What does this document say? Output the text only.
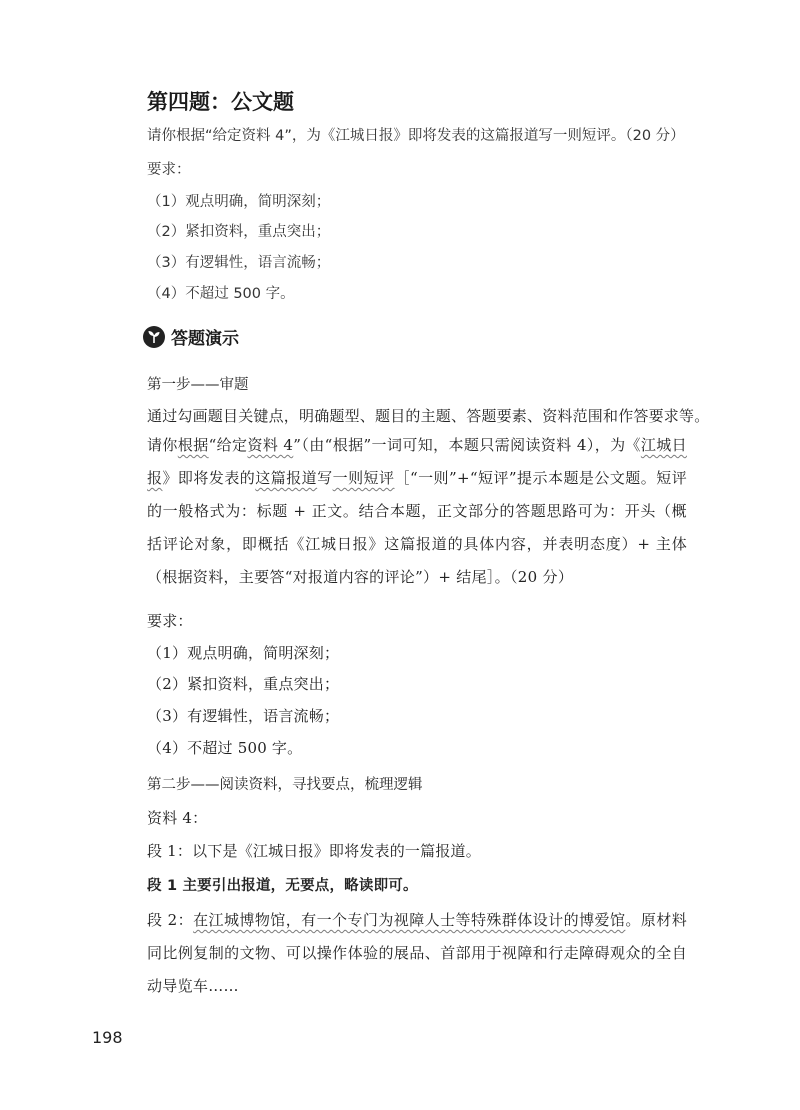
第四题：公文题
请你根据“给定资料 4”，为《江城日报》即将发表的这篇报道写一则短评。（20 分）
要求：
（1）观点明确，简明深刻；
（2）紧扣资料，重点突出；
（3）有逻辑性，语言流畅；
（4）不超过 500 字。
答题演示
第一步——审题
通过勾画题目关键点，明确题型、题目的主题、答题要素、资料范围和作答要求等。
请你根据“给定资料 4”（由“根据”一词可知，本题只需阅读资料 4），为《江城日报》即将发表的这篇报道写一则短评［“一则”+“短评”提示本题是公文题。短评的一般格式为：标题 + 正文。结合本题，正文部分的答题思路可为：开头（概括评论对象，即概括《江城日报》这篇报道的具体内容，并表明态度）+ 主体（根据资料，主要答“对报道内容的评论”）+ 结尾］。（20 分）
要求：
（1）观点明确，简明深刻；
（2）紧扣资料，重点突出；
（3）有逻辑性，语言流畅；
（4）不超过 500 字。
第二步——阅读资料，寻找要点，梳理逻辑
资料 4：
段 1：以下是《江城日报》即将发表的一篇报道。
段 1 主要引出报道，无要点，略读即可。
段 2：在江城博物馆，有一个专门为视障人士等特殊群体设计的博爱馆。原材料同比例复制的文物、可以操作体验的展品、首部用于视障和行走障碍观众的全自动导览车……
198
